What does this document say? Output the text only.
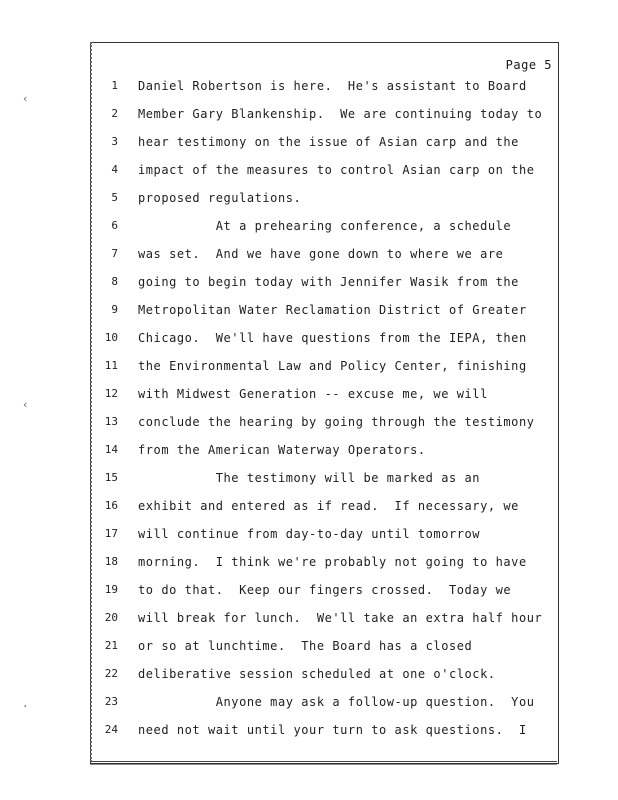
‹
‹
·
Page 5
1 Daniel Robertson is here.  He's assistant to Board
2 Member Gary Blankenship.  We are continuing today to
3 hear testimony on the issue of Asian carp and the
4 impact of the measures to control Asian carp on the
5 proposed regulations.
6 At a prehearing conference, a schedule
7 was set.  And we have gone down to where we are
8 going to begin today with Jennifer Wasik from the
9 Metropolitan Water Reclamation District of Greater
10 Chicago.  We'll have questions from the IEPA, then
11 the Environmental Law and Policy Center, finishing
12 with Midwest Generation -- excuse me, we will
13 conclude the hearing by going through the testimony
14 from the American Waterway Operators.
15 The testimony will be marked as an
16 exhibit and entered as if read.  If necessary, we
17 will continue from day-to-day until tomorrow
18 morning.  I think we're probably not going to have
19 to do that.  Keep our fingers crossed.  Today we
20 will break for lunch.  We'll take an extra half hour
21 or so at lunchtime.  The Board has a closed
22 deliberative session scheduled at one o'clock.
23 Anyone may ask a follow-up question.  You
24 need not wait until your turn to ask questions.  I
